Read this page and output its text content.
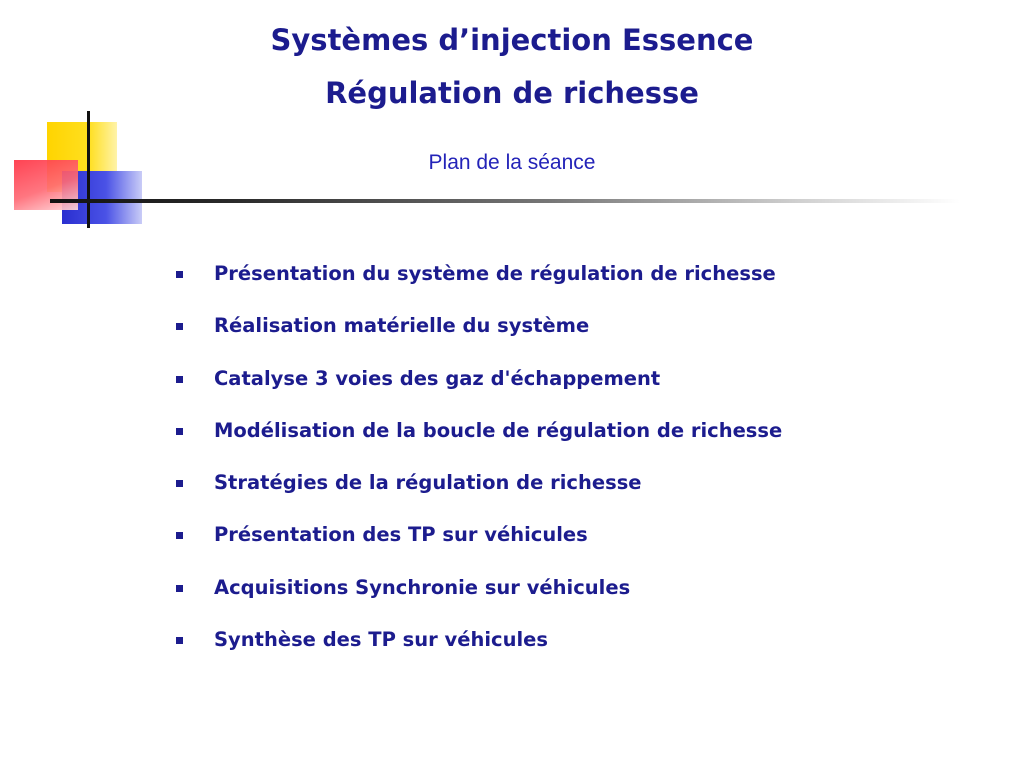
Systèmes d’injection Essence
Régulation de richesse
Plan de la séance
Présentation du système de régulation de richesse
Réalisation matérielle du système
Catalyse 3 voies des gaz d'échappement
Modélisation de la boucle de régulation de richesse
Stratégies de la régulation de richesse
Présentation des TP sur véhicules
Acquisitions Synchronie sur véhicules
Synthèse des TP sur véhicules
